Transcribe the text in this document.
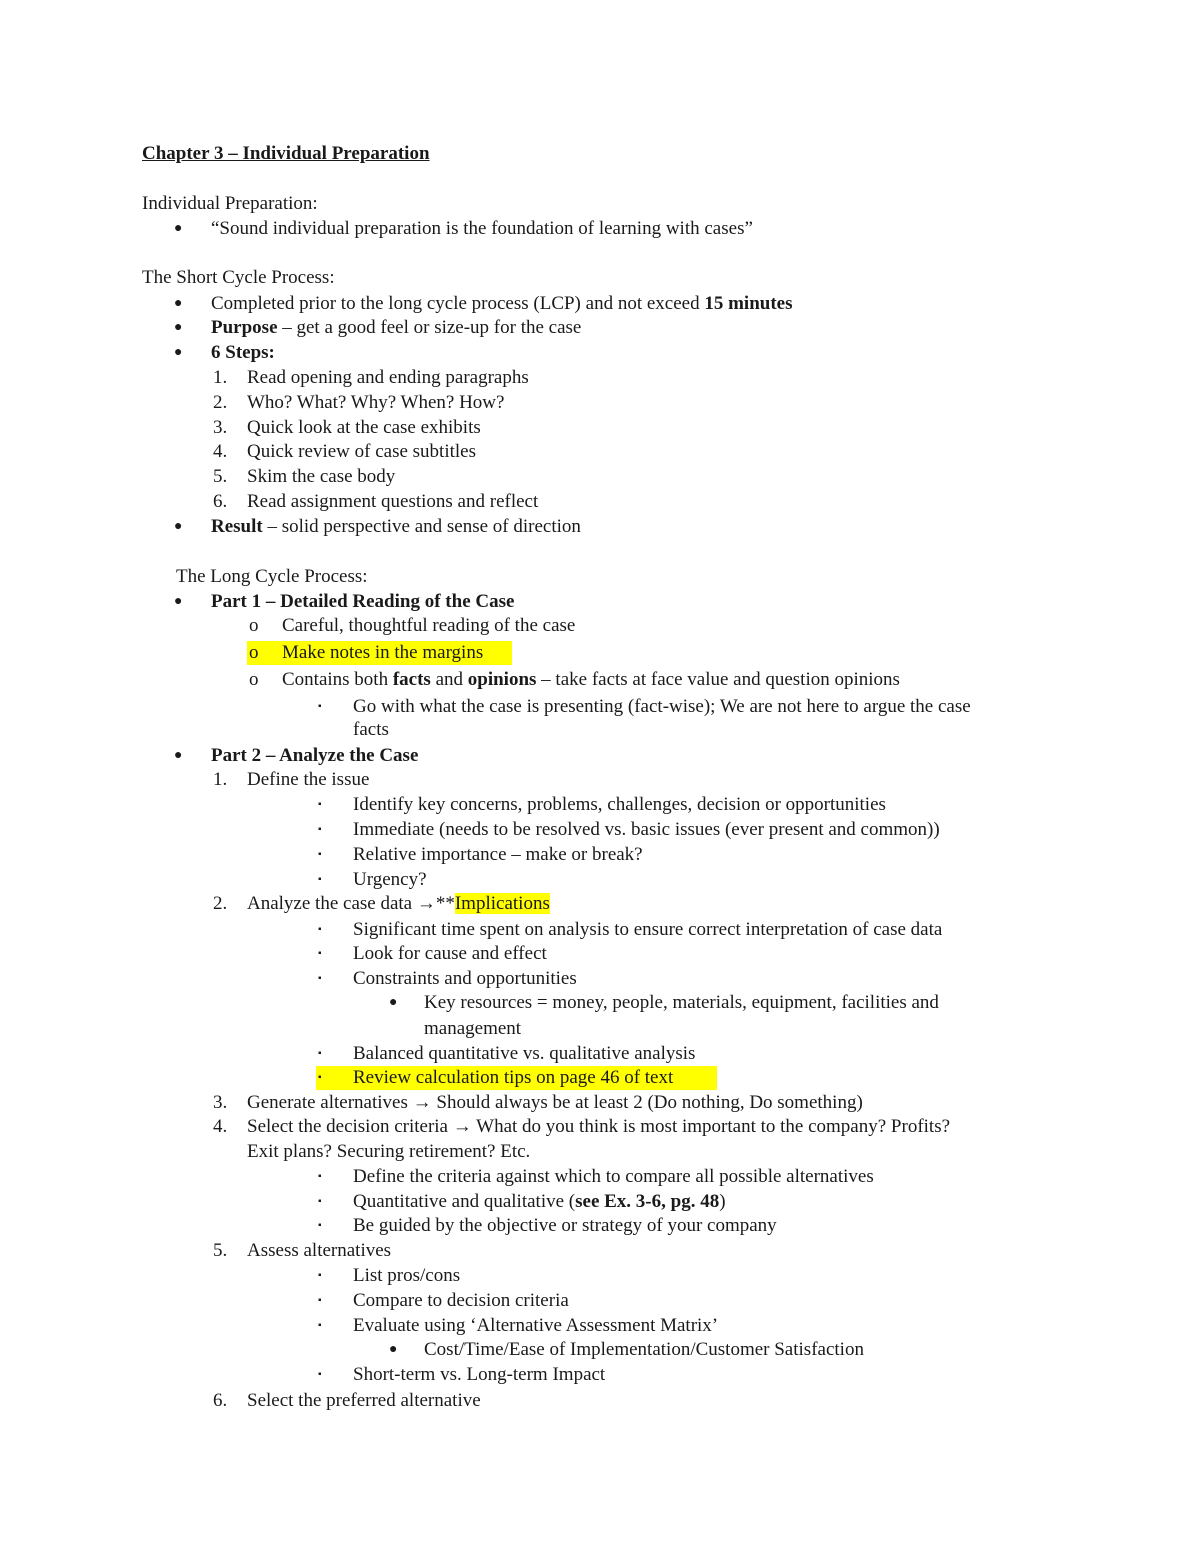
Chapter 3 – Individual Preparation
Individual Preparation:
● “Sound individual preparation is the foundation of learning with cases”
The Short Cycle Process:
● Completed prior to the long cycle process (LCP) and not exceed 15 minutes
● Purpose – get a good feel or size-up for the case
● 6 Steps:
1. Read opening and ending paragraphs
2. Who? What? Why? When? How?
3. Quick look at the case exhibits
4. Quick review of case subtitles
5. Skim the case body
6. Read assignment questions and reflect
● Result – solid perspective and sense of direction
The Long Cycle Process:
● Part 1 – Detailed Reading of the Case
o Careful, thoughtful reading of the case
o Make notes in the margins
o Contains both facts and opinions – take facts at face value and question opinions
▪ Go with what the case is presenting (fact-wise); We are not here to argue the case
facts
● Part 2 – Analyze the Case
1. Define the issue
▪ Identify key concerns, problems, challenges, decision or opportunities
▪ Immediate (needs to be resolved vs. basic issues (ever present and common))
▪ Relative importance – make or break?
▪ Urgency?
2. Analyze the case data →**Implications
▪ Significant time spent on analysis to ensure correct interpretation of case data
▪ Look for cause and effect
▪ Constraints and opportunities
● Key resources = money, people, materials, equipment, facilities and
management
▪ Balanced quantitative vs. qualitative analysis
▪ Review calculation tips on page 46 of text
3. Generate alternatives → Should always be at least 2 (Do nothing, Do something)
4. Select the decision criteria → What do you think is most important to the company? Profits?
Exit plans? Securing retirement? Etc.
▪ Define the criteria against which to compare all possible alternatives
▪ Quantitative and qualitative (see Ex. 3-6, pg. 48)
▪ Be guided by the objective or strategy of your company
5. Assess alternatives
▪ List pros/cons
▪ Compare to decision criteria
▪ Evaluate using ‘Alternative Assessment Matrix’
● Cost/Time/Ease of Implementation/Customer Satisfaction
▪ Short-term vs. Long-term Impact
6. Select the preferred alternative
